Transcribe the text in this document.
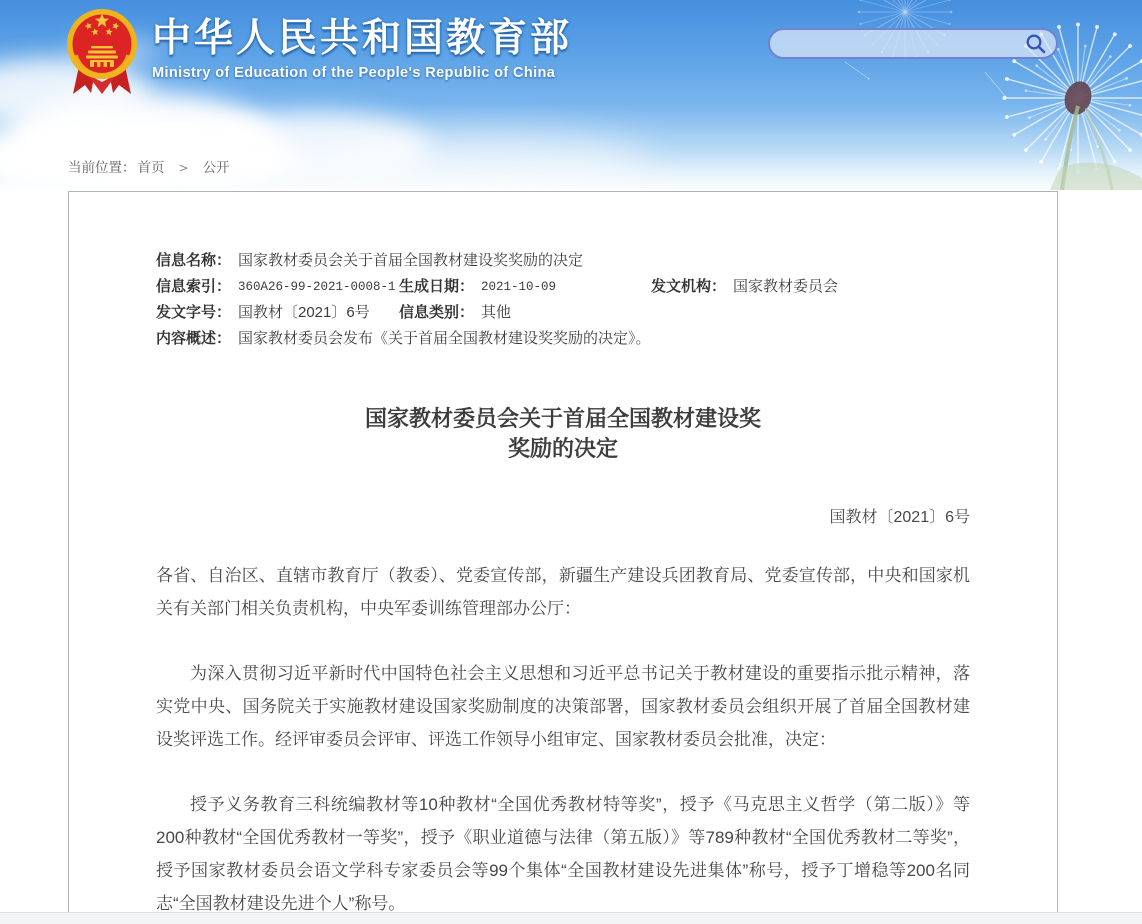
中华人民共和国教育部
Ministry of Education of the People's Republic of China
当前位置： 首页 > 公开
信息名称： 国家教材委员会关于首届全国教材建设奖奖励的决定
信息索引： 360A26-99-2021-0008-1 生成日期： 2021-10-09	发文机构： 国家教材委员会
发文字号： 国教材〔2021〕6号	信息类别： 其他
内容概述： 国家教材委员会发布《关于首届全国教材建设奖奖励的决定》。
国家教材委员会关于首届全国教材建设奖
奖励的决定
国教材〔2021〕6号

各省、自治区、直辖市教育厅（教委）、党委宣传部，新疆生产建设兵团教育局、党委宣传部，中央和国家机关有关部门相关负责机构，中央军委训练管理部办公厅：

为深入贯彻习近平新时代中国特色社会主义思想和习近平总书记关于教材建设的重要指示批示精神，落实党中央、国务院关于实施教材建设国家奖励制度的决策部署，国家教材委员会组织开展了首届全国教材建设奖评选工作。经评审委员会评审、评选工作领导小组审定、国家教材委员会批准，决定：

授予义务教育三科统编教材等10种教材“全国优秀教材特等奖”，授予《马克思主义哲学（第二版）》等200种教材“全国优秀教材一等奖”，授予《职业道德与法律（第五版）》等789种教材“全国优秀教材二等奖”，授予国家教材委员会语文学科专家委员会等99个集体“全国教材建设先进集体”称号，授予丁增稳等200名同志“全国教材建设先进个人”称号。
